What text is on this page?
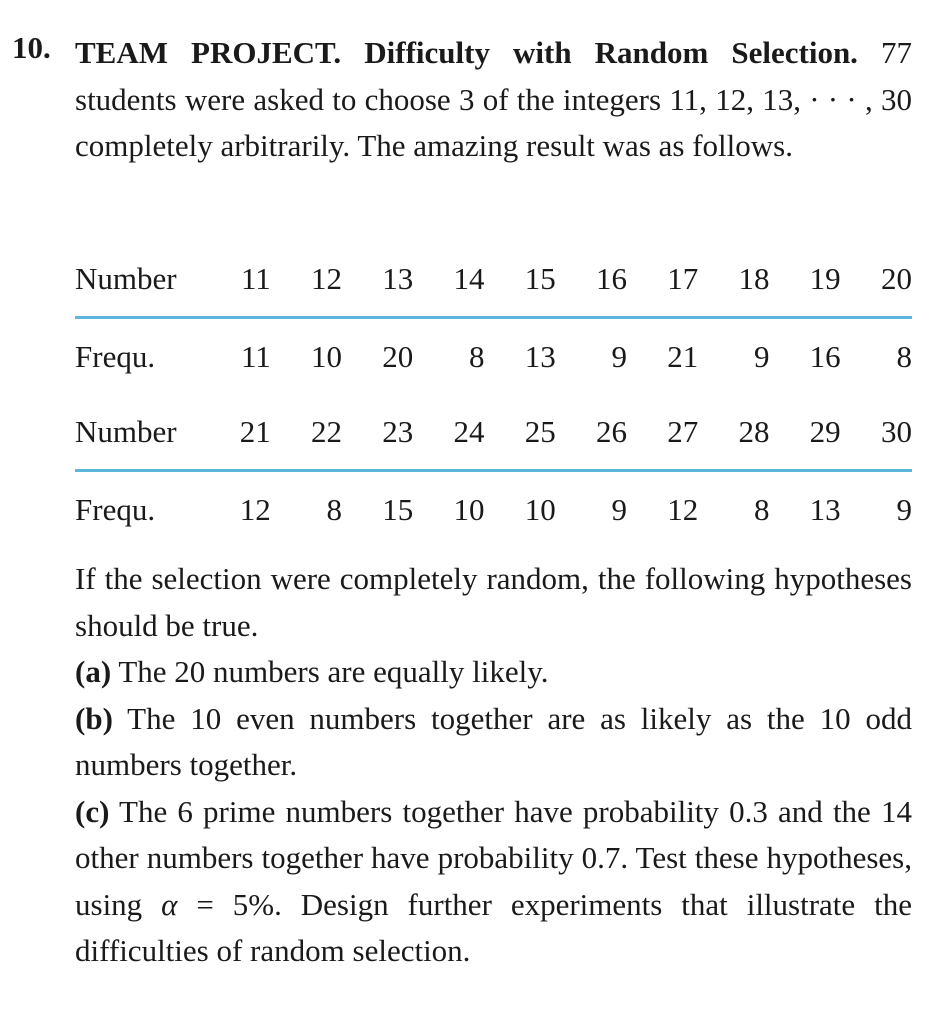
10. TEAM PROJECT. Difficulty with Random Selection. 77 students were asked to choose 3 of the integers 11, 12, 13, · · · , 30 completely arbitrarily. The amazing result was as follows.
Number	11	12	13	14	15	16	17	18	19	20
Frequ.	11	10	20	8	13	9	21	9	16	8
Number	21	22	23	24	25	26	27	28	29	30
Frequ.	12	8	15	10	10	9	12	8	13	9
If the selection were completely random, the following hypotheses should be true.
(a) The 20 numbers are equally likely.
(b) The 10 even numbers together are as likely as the 10 odd numbers together.
(c) The 6 prime numbers together have probability 0.3 and the 14 other numbers together have probability 0.7. Test these hypotheses, using α = 5%. Design further experiments that illustrate the difficulties of random selection.
